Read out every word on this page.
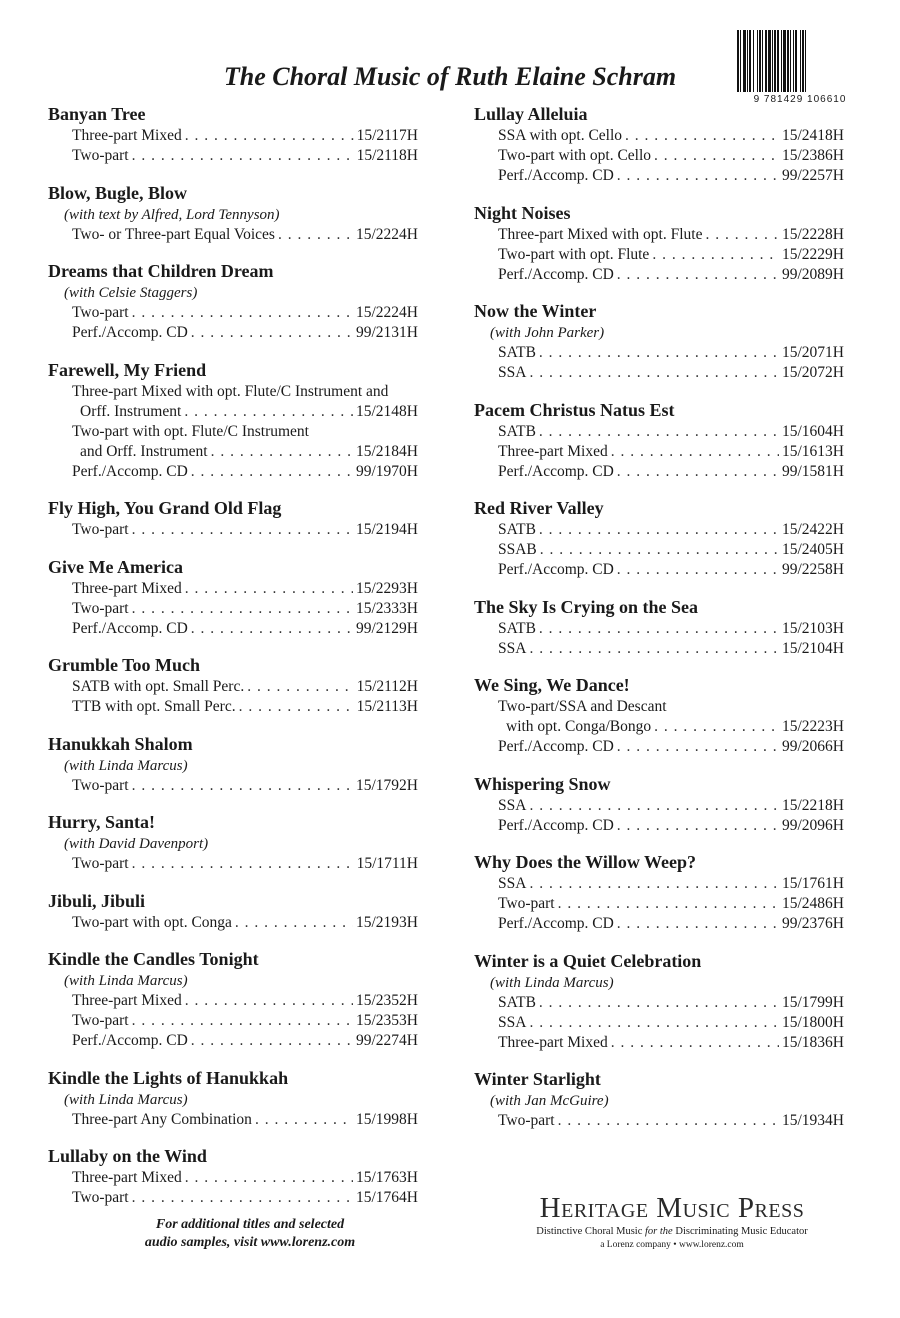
9 781429 106610
The Choral Music of Ruth Elaine Schram
Banyan Tree
Three-part Mixed . . .	15/2117H
Two-part . . .	15/2118H
Blow, Bugle, Blow
(with text by Alfred, Lord Tennyson)
Two- or Three-part Equal Voices . . .	15/2224H
Dreams that Children Dream
(with Celsie Staggers)
Two-part . . .	15/2224H
Perf./Accomp. CD . . .	99/2131H
Farewell, My Friend
Three-part Mixed with opt. Flute/C Instrument and
Orff. Instrument . . .	15/2148H
Two-part with opt. Flute/C Instrument
and Orff. Instrument . . .	15/2184H
Perf./Accomp. CD . . .	99/1970H
Fly High, You Grand Old Flag
Two-part . . .	15/2194H
Give Me America
Three-part Mixed . . .	15/2293H
Two-part . . .	15/2333H
Perf./Accomp. CD . . .	99/2129H
Grumble Too Much
SATB with opt. Small Perc. . . .	15/2112H
TTB with opt. Small Perc. . . .	15/2113H
Hanukkah Shalom
(with Linda Marcus)
Two-part . . .	15/1792H
Hurry, Santa!
(with David Davenport)
Two-part . . .	15/1711H
Jibuli, Jibuli
Two-part with opt. Conga . . .	15/2193H
Kindle the Candles Tonight
(with Linda Marcus)
Three-part Mixed . . .	15/2352H
Two-part . . .	15/2353H
Perf./Accomp. CD . . .	99/2274H
Kindle the Lights of Hanukkah
(with Linda Marcus)
Three-part Any Combination . . .	15/1998H
Lullaby on the Wind
Three-part Mixed . . .	15/1763H
Two-part . . .	15/1764H
Lullay Alleluia
SSA with opt. Cello . . .	15/2418H
Two-part with opt. Cello . . .	15/2386H
Perf./Accomp. CD . . .	99/2257H
Night Noises
Three-part Mixed with opt. Flute . . .	15/2228H
Two-part with opt. Flute . . .	15/2229H
Perf./Accomp. CD . . .	99/2089H
Now the Winter
(with John Parker)
SATB . . .	15/2071H
SSA . . .	15/2072H
Pacem Christus Natus Est
SATB . . .	15/1604H
Three-part Mixed . . .	15/1613H
Perf./Accomp. CD . . .	99/1581H
Red River Valley
SATB . . .	15/2422H
SSAB . . .	15/2405H
Perf./Accomp. CD . . .	99/2258H
The Sky Is Crying on the Sea
SATB . . .	15/2103H
SSA . . .	15/2104H
We Sing, We Dance!
Two-part/SSA and Descant
with opt. Conga/Bongo . . .	15/2223H
Perf./Accomp. CD . . .	99/2066H
Whispering Snow
SSA . . .	15/2218H
Perf./Accomp. CD . . .	99/2096H
Why Does the Willow Weep?
SSA . . .	15/1761H
Two-part . . .	15/2486H
Perf./Accomp. CD . . .	99/2376H
Winter is a Quiet Celebration
(with Linda Marcus)
SATB . . .	15/1799H
SSA . . .	15/1800H
Three-part Mixed . . .	15/1836H
Winter Starlight
(with Jan McGuire)
Two-part . . .	15/1934H
For additional titles and selected
audio samples, visit www.lorenz.com
Heritage Music Press
Distinctive Choral Music for the Discriminating Music Educator
a Lorenz company • www.lorenz.com
